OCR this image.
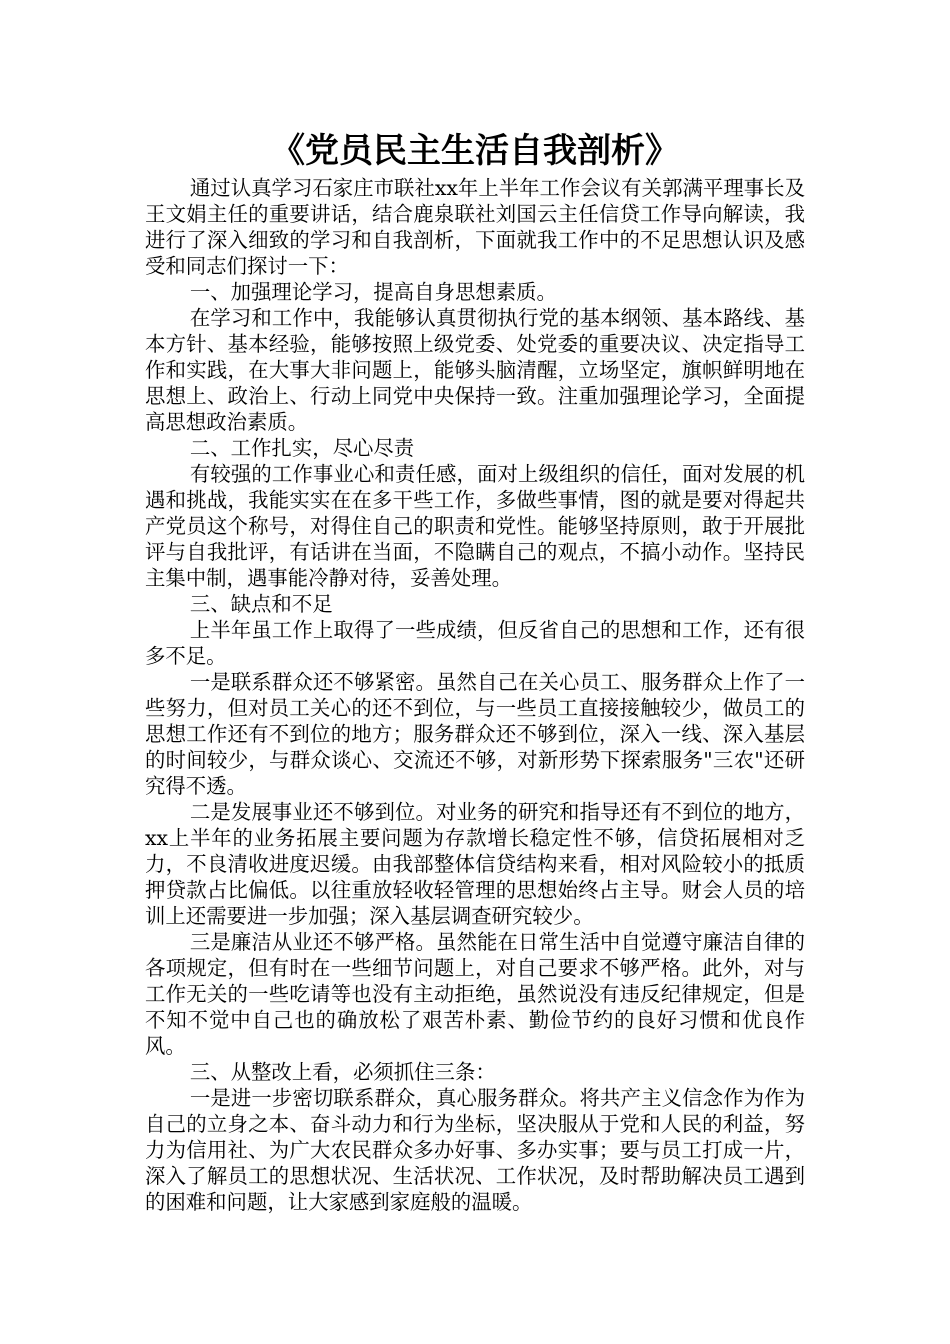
《党员民主生活自我剖析》

通过认真学习石家庄市联社xx年上半年工作会议有关郭满平理事长及王文娟主任的重要讲话，结合鹿泉联社刘国云主任信贷工作导向解读，我进行了深入细致的学习和自我剖析，下面就我工作中的不足思想认识及感受和同志们探讨一下：

一、加强理论学习，提高自身思想素质。

在学习和工作中，我能够认真贯彻执行党的基本纲领、基本路线、基本方针、基本经验，能够按照上级党委、处党委的重要决议、决定指导工作和实践，在大事大非问题上，能够头脑清醒，立场坚定，旗帜鲜明地在思想上、政治上、行动上同党中央保持一致。注重加强理论学习，全面提高思想政治素质。

二、工作扎实，尽心尽责

有较强的工作事业心和责任感，面对上级组织的信任，面对发展的机遇和挑战，我能实实在在多干些工作，多做些事情，图的就是要对得起共产党员这个称号，对得住自己的职责和党性。能够坚持原则，敢于开展批评与自我批评，有话讲在当面，不隐瞒自己的观点，不搞小动作。坚持民主集中制，遇事能冷静对待，妥善处理。

三、缺点和不足

上半年虽工作上取得了一些成绩，但反省自己的思想和工作，还有很多不足。

一是联系群众还不够紧密。虽然自己在关心员工、服务群众上作了一些努力，但对员工关心的还不到位，与一些员工直接接触较少，做员工的思想工作还有不到位的地方；服务群众还不够到位，深入一线、深入基层的时间较少，与群众谈心、交流还不够，对新形势下探索服务"三农"还研究得不透。

二是发展事业还不够到位。对业务的研究和指导还有不到位的地方，xx上半年的业务拓展主要问题为存款增长稳定性不够，信贷拓展相对乏力，不良清收进度迟缓。由我部整体信贷结构来看，相对风险较小的抵质押贷款占比偏低。以往重放轻收轻管理的思想始终占主导。财会人员的培训上还需要进一步加强；深入基层调查研究较少。

三是廉洁从业还不够严格。虽然能在日常生活中自觉遵守廉洁自律的各项规定，但有时在一些细节问题上，对自己要求不够严格。此外，对与工作无关的一些吃请等也没有主动拒绝，虽然说没有违反纪律规定，但是不知不觉中自己也的确放松了艰苦朴素、勤俭节约的良好习惯和优良作风。

三、从整改上看，必须抓住三条：

一是进一步密切联系群众，真心服务群众。将共产主义信念作为作为自己的立身之本、奋斗动力和行为坐标，坚决服从于党和人民的利益，努力为信用社、为广大农民群众多办好事、多办实事；要与员工打成一片，深入了解员工的思想状况、生活状况、工作状况，及时帮助解决员工遇到的困难和问题，让大家感到家庭般的温暖。
